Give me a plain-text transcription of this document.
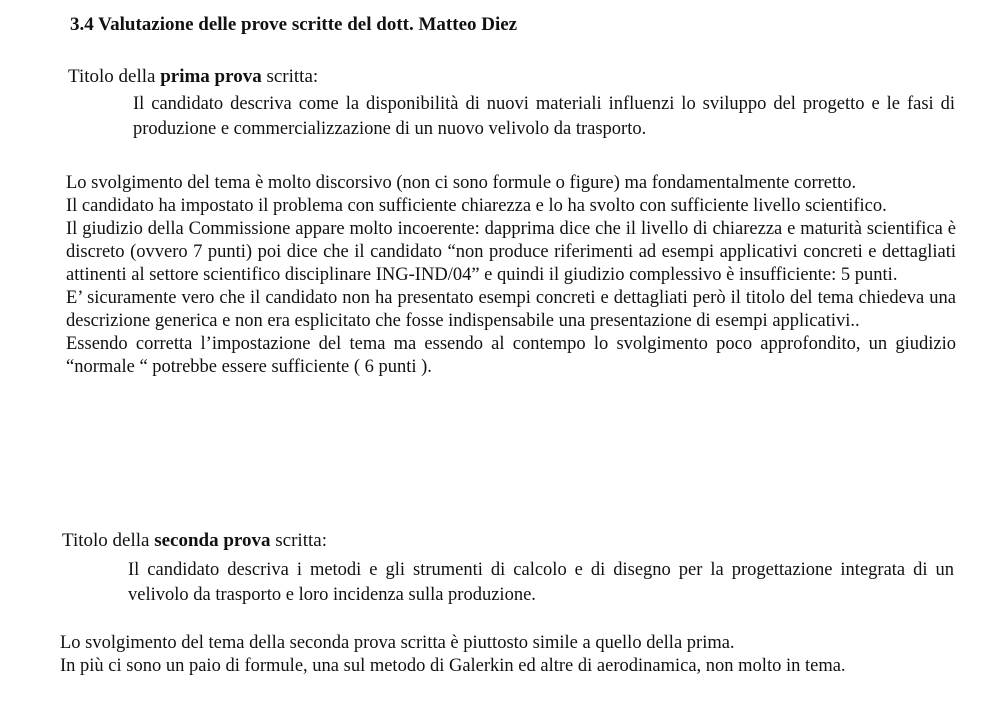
3.4 Valutazione delle prove scritte del dott. Matteo Diez
Titolo della prima prova scritta:
Il candidato descriva come la disponibilità di nuovi materiali influenzi lo sviluppo del progetto e le fasi di produzione e commercializzazione di un nuovo velivolo da trasporto.

Lo svolgimento del tema è molto discorsivo (non ci sono formule o figure) ma fondamentalmente corretto.

Il candidato ha impostato il problema con sufficiente chiarezza e lo ha svolto con sufficiente livello scientifico.

Il giudizio della Commissione appare molto incoerente: dapprima dice che il livello di chiarezza e maturità scientifica è discreto (ovvero 7 punti) poi dice che il candidato “non produce riferimenti ad esempi applicativi concreti e dettagliati attinenti al settore scientifico disciplinare ING-IND/04” e quindi il giudizio complessivo è insufficiente: 5 punti.

E’ sicuramente vero che il candidato non ha presentato esempi concreti e dettagliati però il titolo del tema chiedeva una descrizione generica e non era esplicitato che fosse indispensabile una presentazione di esempi applicativi..

Essendo corretta l’impostazione del tema ma essendo al contempo lo svolgimento poco approfondito, un giudizio “normale “ potrebbe essere sufficiente ( 6 punti ).

Titolo della seconda prova scritta:
Il candidato descriva i metodi e gli strumenti di calcolo e di disegno per la progettazione integrata di un velivolo da trasporto e loro incidenza sulla produzione.

Lo svolgimento del tema della seconda prova scritta è piuttosto simile a quello della prima.

In più ci sono un paio di formule, una sul metodo di Galerkin ed altre di aerodinamica, non molto in tema.
